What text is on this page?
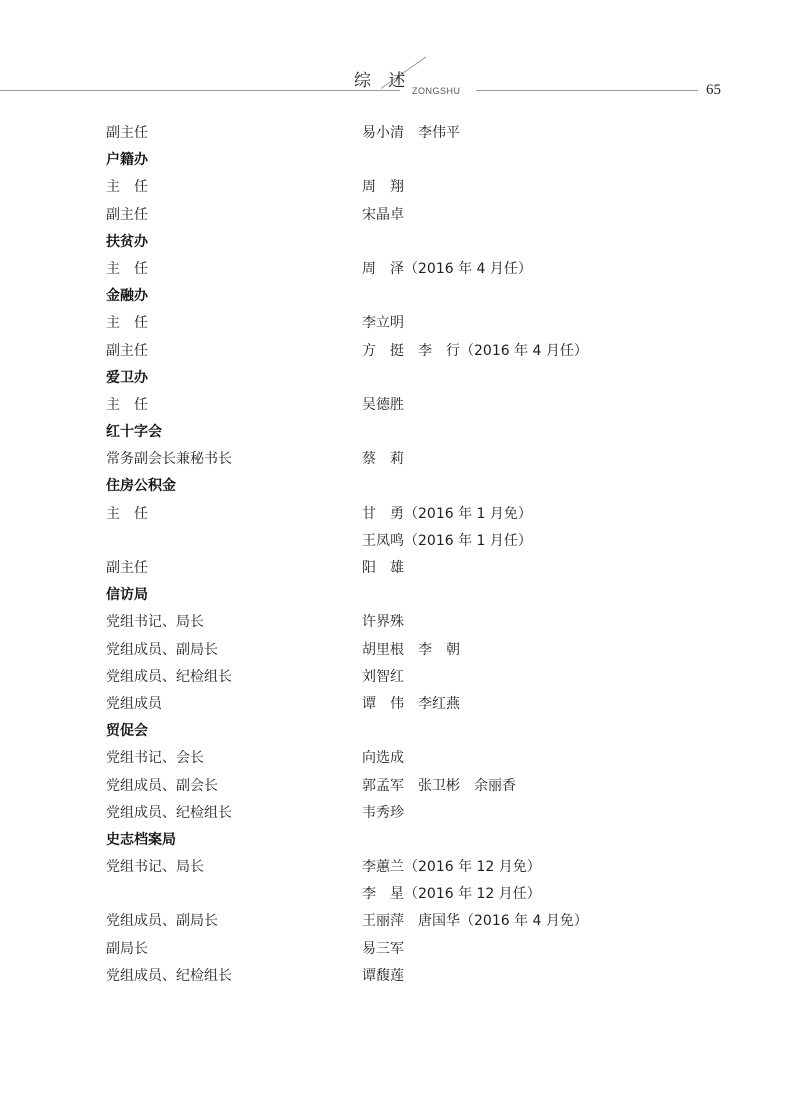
综 述 ZONGSHU	65
副主任	易小清　李伟平
户籍办
主　任	周　翔
副主任	宋晶卓
扶贫办
主　任	周　泽（2016 年 4 月任）
金融办
主　任	李立明
副主任	方　挺　李　行（2016 年 4 月任）
爱卫办
主　任	吴德胜
红十字会
常务副会长兼秘书长	蔡　莉
住房公积金
主　任	甘　勇（2016 年 1 月免）
王凤鸣（2016 年 1 月任）
副主任	阳　雄
信访局
党组书记、局长	许界殊
党组成员、副局长	胡里根　李　朝
党组成员、纪检组长	刘智红
党组成员	谭　伟　李红燕
贸促会
党组书记、会长	向选成
党组成员、副会长	郭孟军　张卫彬　余丽香
党组成员、纪检组长	韦秀珍
史志档案局
党组书记、局长	李蕙兰（2016 年 12 月免）
李　星（2016 年 12 月任）
党组成员、副局长	王丽萍　唐国华（2016 年 4 月免）
副局长	易三军
党组成员、纪检组长	谭馥莲
